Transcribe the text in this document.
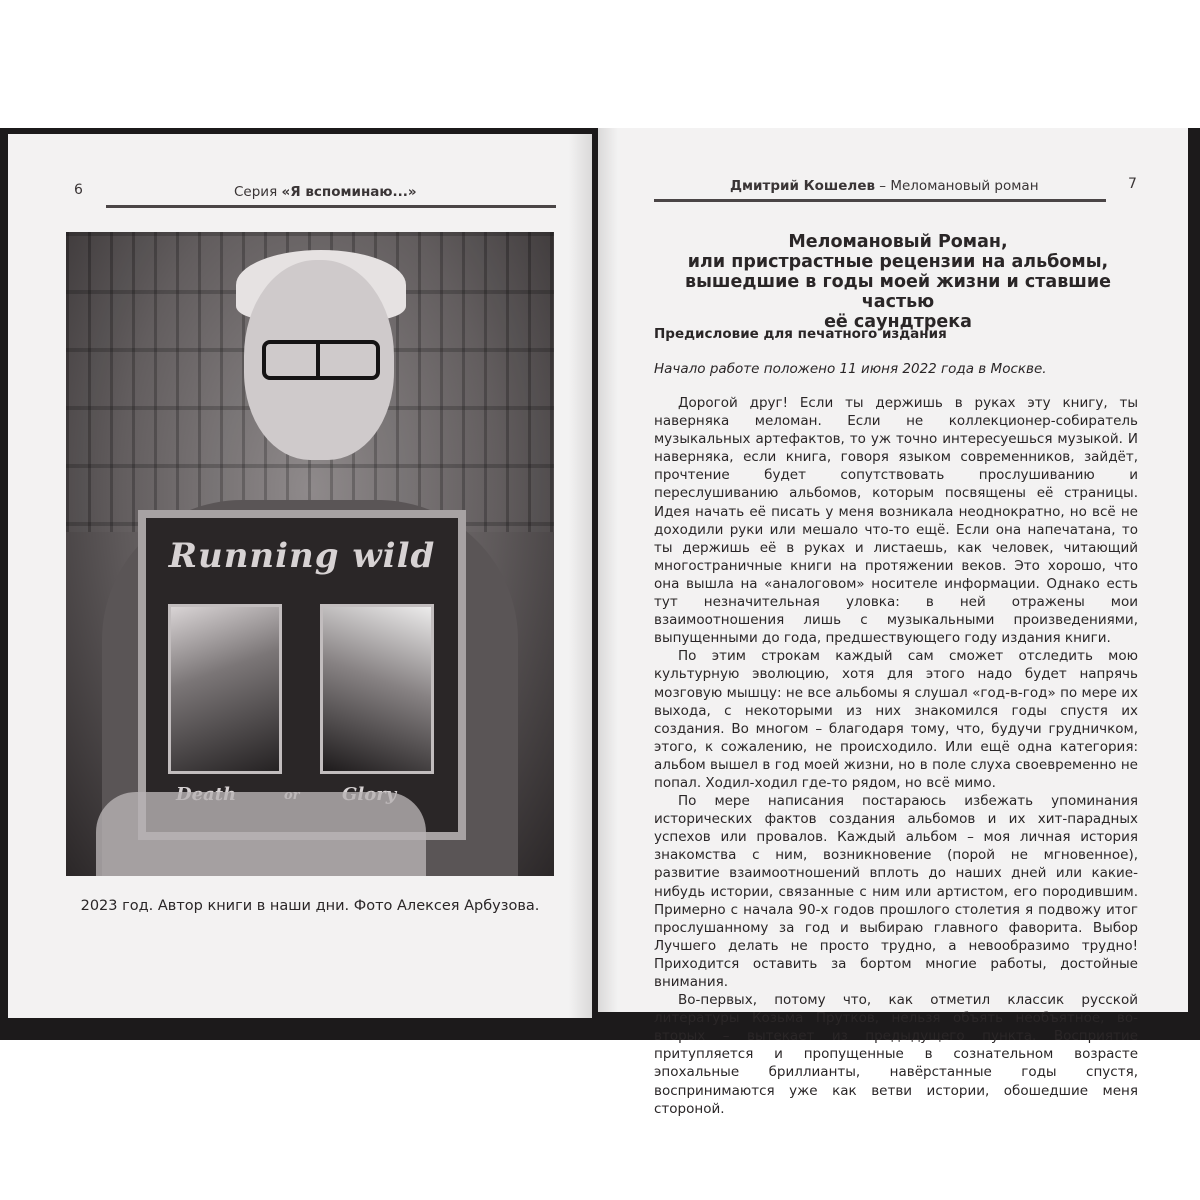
6	Серия «Я вспоминаю...»
Running wild
2023 год. Автор книги в наши дни. Фото Алексея Арбузова.
Дмитрий Кошелев – Меломановый роман	7
Меломановый Роман,
или пристрастные рецензии на альбомы,
вышедшие в годы моей жизни и ставшие частью
её саундтрека
Предисловие для печатного издания
Начало работе положено 11 июня 2022 года в Москве.

Дорогой друг! Если ты держишь в руках эту книгу, ты наверняка меломан. Если не коллекционер-собиратель музыкальных артефактов, то уж точно интересуешься музыкой. И наверняка, если книга, говоря языком современников, зайдёт, прочтение будет сопутствовать прослушиванию и переслушиванию альбомов, которым посвящены её страницы. Идея начать её писать у меня возникала неоднократно, но всё не доходили руки или мешало что-то ещё. Если она напечатана, то ты держишь её в руках и листаешь, как человек, читающий многостраничные книги на протяжении веков. Это хорошо, что она вышла на «аналоговом» носителе информации. Однако есть тут незначительная уловка: в ней отражены мои взаимоотношения лишь с музыкальными произведениями, выпущенными до года, предшествующего году издания книги.

По этим строкам каждый сам сможет отследить мою культурную эволюцию, хотя для этого надо будет напрячь мозговую мышцу: не все альбомы я слушал «год-в-год» по мере их выхода, с некоторыми из них знакомился годы спустя их создания. Во многом – благодаря тому, что, будучи грудничком, этого, к сожалению, не происходило. Или ещё одна категория: альбом вышел в год моей жизни, но в поле слуха своевременно не попал. Ходил-ходил где-то рядом, но всё мимо.

По мере написания постараюсь избежать упоминания исторических фактов создания альбомов и их хит-парадных успехов или провалов. Каждый альбом – моя личная история знакомства с ним, возникновение (порой не мгновенное), развитие взаимоотношений вплоть до наших дней или какие-нибудь истории, связанные с ним или артистом, его породившим. Примерно с начала 90-х годов прошлого столетия я подвожу итог прослушанному за год и выбираю главного фаворита. Выбор Лучшего делать не просто трудно, а невообразимо трудно! Приходится оставить за бортом многие работы, достойные внимания.

Во-первых, потому что, как отметил классик русской литературы Козьма Прутков, нельзя объять необъятное, во-вторых – вытекает из предыдущего пункта. Восприятие притупляется и пропущенные в сознательном возрасте эпохальные бриллианты, навёрстанные годы спустя, воспринимаются уже как ветви истории, обошедшие меня стороной.
